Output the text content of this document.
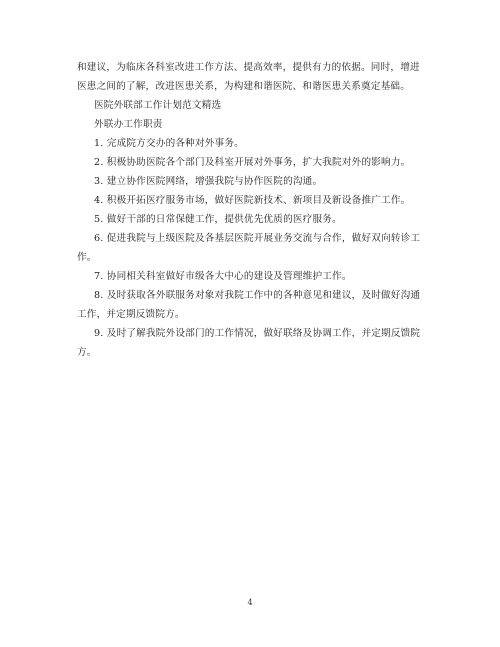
和建议，为临床各科室改进工作方法、提高效率，提供有力的依据。同时，增进
医患之间的了解，改进医患关系，为构建和谐医院、和谐医患关系奠定基础。
医院外联部工作计划范文精选
外联办工作职责
1. 完成院方交办的各种对外事务。
2. 积极协助医院各个部门及科室开展对外事务，扩大我院对外的影响力。
3. 建立协作医院网络，增强我院与协作医院的沟通。
4. 积极开拓医疗服务市场，做好医院新技术、新项目及新设备推广工作。
5. 做好干部的日常保健工作，提供优先优质的医疗服务。
6. 促进我院与上级医院及各基层医院开展业务交流与合作，做好双向转诊工
作。
7. 协同相关科室做好市级各大中心的建设及管理维护工作。
8. 及时获取各外联服务对象对我院工作中的各种意见和建议，及时做好沟通
工作，并定期反馈院方。
9. 及时了解我院外设部门的工作情况，做好联络及协调工作，并定期反馈院
方。
4
